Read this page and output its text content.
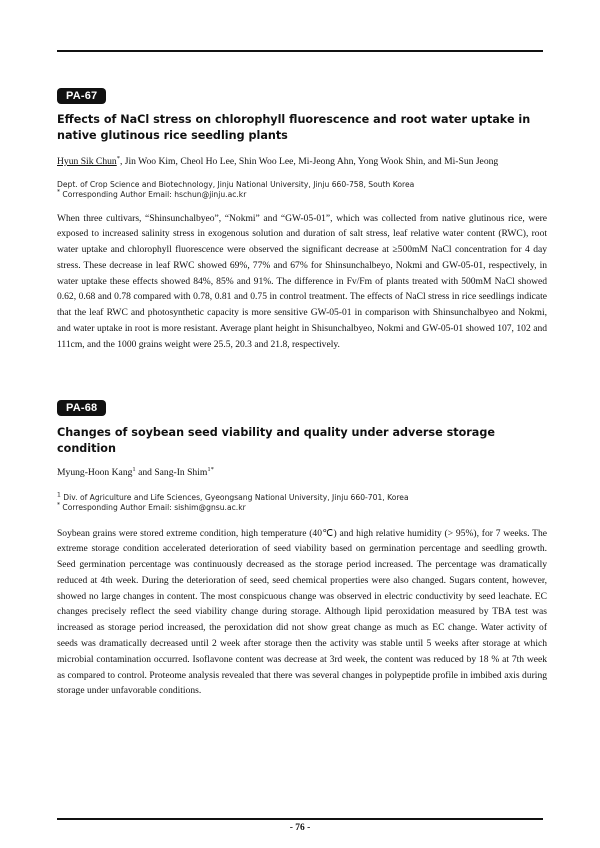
PA-67
Effects of NaCl stress on chlorophyll fluorescence and root water uptake in native glutinous rice seedling plants
Hyun Sik Chun*, Jin Woo Kim, Cheol Ho Lee, Shin Woo Lee, Mi-Jeong Ahn, Yong Wook Shin, and Mi-Sun Jeong
Dept. of Crop Science and Biotechnology, Jinju National University, Jinju 660-758, South Korea
* Corresponding Author Email: hschun@jinju.ac.kr

When three cultivars, “Shinsunchalbyeo”, “Nokmi” and “GW-05-01”, which was collected from native glutinous rice, were exposed to increased salinity stress in exogenous solution and duration of salt stress, leaf relative water content (RWC), root water uptake and chlorophyll fluorescence were observed the significant decrease at ≥500mM NaCl concentration for 4 day stress. These decrease in leaf RWC showed 69%, 77% and 67% for Shinsunchalbeyo, Nokmi and GW-05-01, respectively, in water uptake these effects showed 84%, 85% and 91%. The difference in Fv/Fm of plants treated with 500mM NaCl showed 0.62, 0.68 and 0.78 compared with 0.78, 0.81 and 0.75 in control treatment. The effects of NaCl stress in rice seedlings indicate that the leaf RWC and photosynthetic capacity is more sensitive GW-05-01 in comparison with Shinsunchalbyeo and Nokmi, and water uptake in root is more resistant. Average plant height in Shisunchalbyeo, Nokmi and GW-05-01 showed 107, 102 and 111cm, and the 1000 grains weight were 25.5, 20.3 and 21.8, respectively.

PA-68
Changes of soybean seed viability and quality under adverse storage condition
Myung-Hoon Kang$^1$ and Sang-In Shim$^{1*}$
$^1$ Div. of Agriculture and Life Sciences, Gyeongsang National University, Jinju 660-701, Korea
* Corresponding Author Email: sishim@gnsu.ac.kr

Soybean grains were stored extreme condition, high temperature (40℃) and high relative humidity (> 95%), for 7 weeks. The extreme storage condition accelerated deterioration of seed viability based on germination percentage and seedling growth. Seed germination percentage was continuously decreased as the storage period increased. The percentage was dramatically reduced at 4th week. During the deterioration of seed, seed chemical properties were also changed. Sugars content, however, showed no large changes in content. The most conspicuous change was observed in electric conductivity by seed leachate. EC changes precisely reflect the seed viability change during storage. Although lipid peroxidation measured by TBA test was increased as storage period increased, the peroxidation did not show great change as much as EC change. Water activity of seeds was dramatically decreased until 2 week after storage then the activity was stable until 5 weeks after storage at which microbial contamination occurred. Isoflavone content was decrease at 3rd week, the content was reduced by 18 % at 7th week as compared to control. Proteome analysis revealed that there was several changes in polypeptide profile in imbibed axis during storage under unfavorable conditions.

- 76 -
